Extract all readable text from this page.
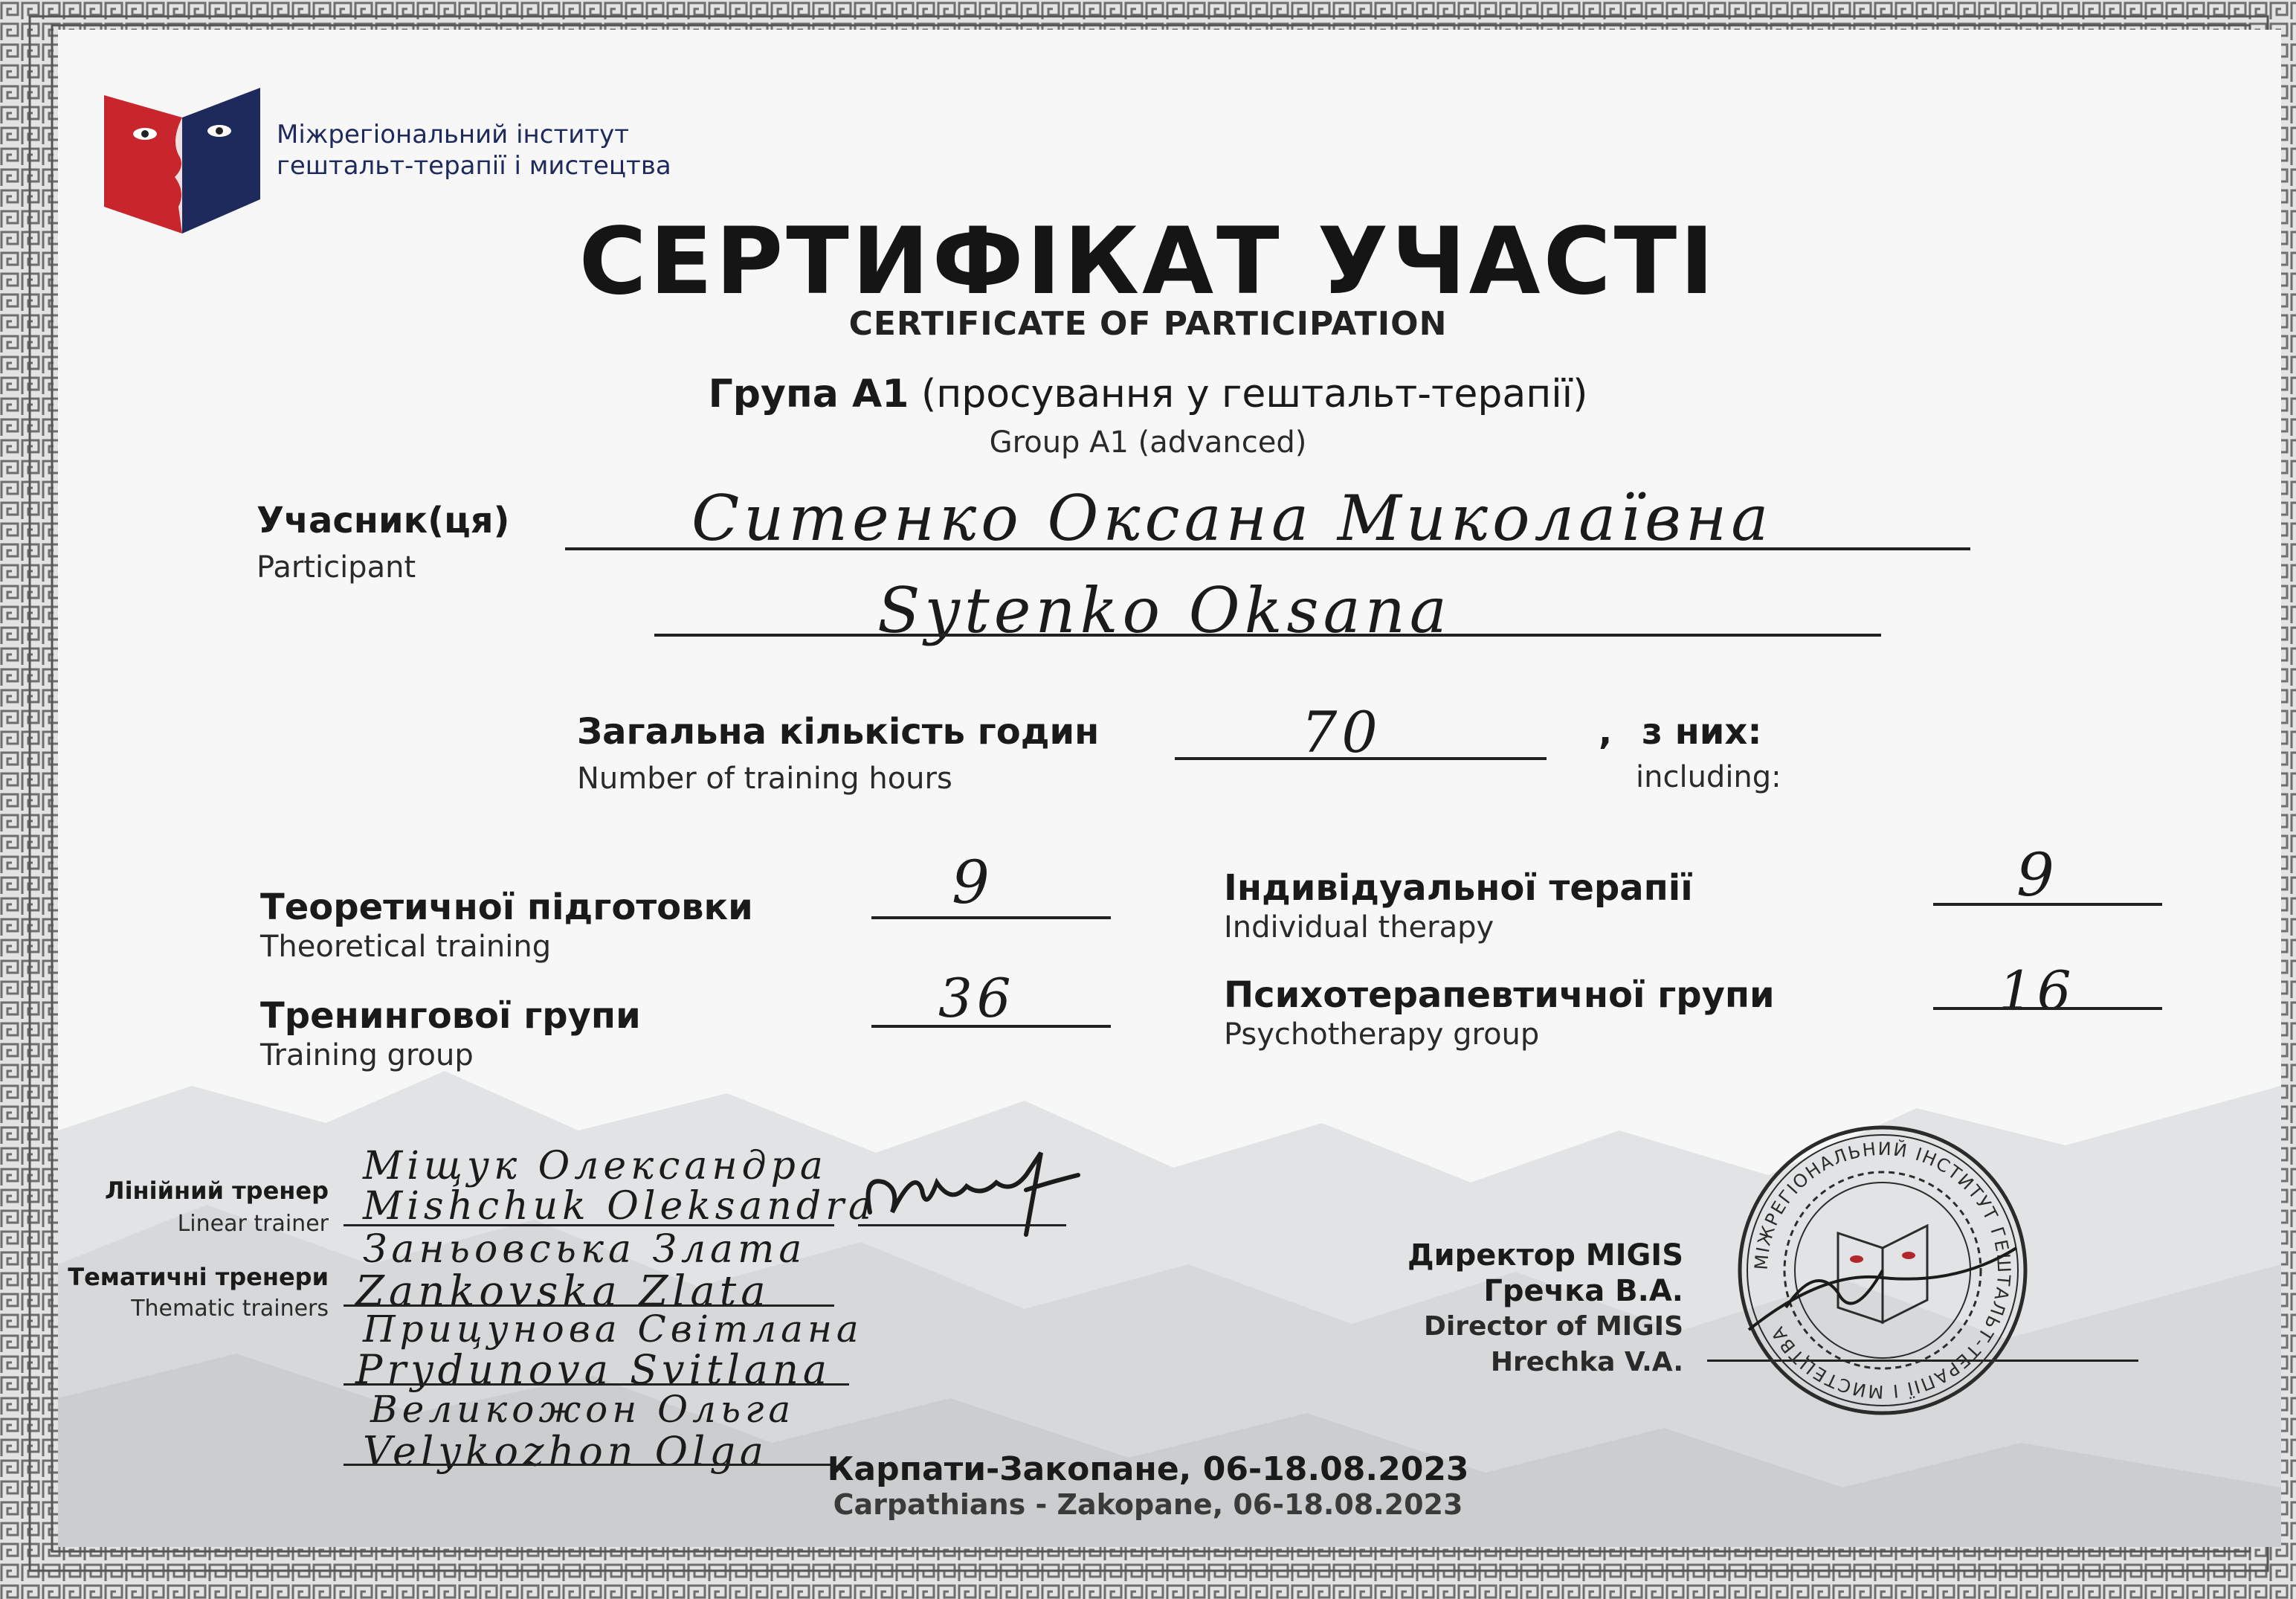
Міжрегіональний інститут
гештальт-терапії і мистецтва
СЕРТИФІКАТ УЧАСТІ
CERTIFICATE OF PARTICIPATION
Група А1 (просування у гештальт-терапії)
Group A1 (advanced)
Учасник(ця)
Participant
Ситенко Оксана Миколаївна
Sytenko Oksana
Загальна кількість годин
Number of training hours
70	, з них:
including:
Теоретичної підготовки
Theoretical training
9
Тренингової групи
Training group
36
Індивідуальної терапії
Individual therapy
9
Психотерапевтичної групи
Psychotherapy group
16
Лінійний тренер
Linear trainer
Тематичні тренери
Thematic trainers
Міщук Олександра
Mishchuk Oleksandra
Заньовська Злата
Zankovska Zlata
Прицунова Світлана
Prydunova Svitlana
Великожон Ольга
Velykozhon Olga
Директор MIGIS
Гречка В.А.
Director of MIGIS
Hrechka V.A.
МІЖРЕГІОНАЛЬНИЙ ІНСТИТУТ ГЕШТАЛЬТ-ТЕРАПІЇ І МИСТЕЦТВА
Карпати-Закопане, 06-18.08.2023
Carpathians - Zakopane, 06-18.08.2023
